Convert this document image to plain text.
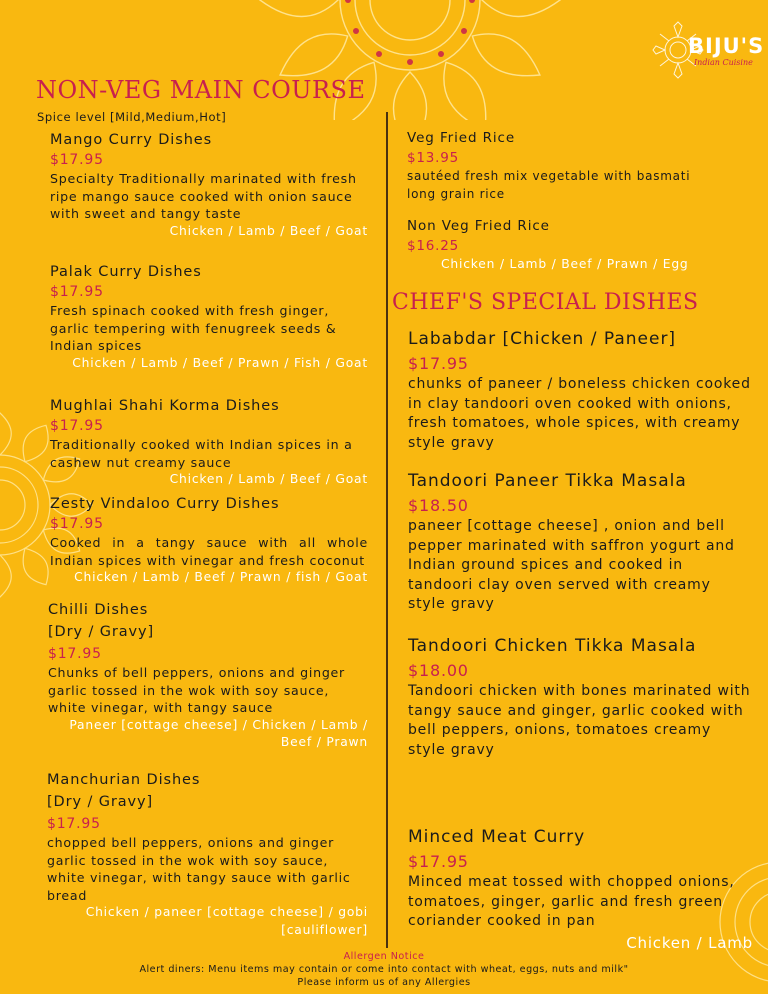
BIJU'S
Indian Cuisine
NON-VEG MAIN COURSE
Spice level [Mild,Medium,Hot]
Mango Curry Dishes
$17.95
Specialty Traditionally marinated with fresh ripe mango sauce cooked with onion sauce with sweet and tangy taste
Chicken / Lamb / Beef / Goat
Palak Curry Dishes
$17.95
Fresh spinach cooked with fresh ginger, garlic tempering with fenugreek seeds & Indian spices
Chicken / Lamb / Beef / Prawn / Fish / Goat
Mughlai Shahi Korma Dishes
$17.95
Traditionally cooked with Indian spices in a cashew nut creamy sauce
Chicken / Lamb / Beef / Goat
Zesty Vindaloo Curry Dishes
$17.95
Cooked in a tangy sauce with all whole Indian spices with vinegar and fresh coconut
Chicken / Lamb / Beef / Prawn / fish / Goat
Chilli Dishes
[Dry / Gravy]
$17.95
Chunks of bell peppers, onions and ginger garlic tossed in the wok with soy sauce, white vinegar, with tangy sauce
Paneer [cottage cheese] / Chicken / Lamb / Beef / Prawn
Manchurian Dishes
[Dry / Gravy]
$17.95
chopped bell peppers, onions and ginger garlic tossed in the wok with soy sauce, white vinegar, with tangy sauce with garlic bread
Chicken / paneer [cottage cheese] / gobi [cauliflower]
Veg Fried Rice
$13.95
sautéed fresh mix vegetable with basmati long grain rice
Non Veg Fried Rice
$16.25
Chicken / Lamb / Beef / Prawn / Egg
CHEF'S SPECIAL DISHES
Lababdar [Chicken / Paneer]
$17.95
chunks of paneer / boneless chicken cooked in clay tandoori oven cooked with onions, fresh tomatoes, whole spices, with creamy style gravy
Tandoori Paneer Tikka Masala
$18.50
paneer [cottage cheese] , onion and bell pepper marinated with saffron yogurt and Indian ground spices and cooked in tandoori clay oven served with creamy style gravy
Tandoori Chicken Tikka Masala
$18.00
Tandoori chicken with bones marinated with tangy sauce and ginger, garlic cooked with bell peppers, onions, tomatoes creamy style gravy
Minced Meat Curry
$17.95
Minced meat tossed with chopped onions, tomatoes, ginger, garlic and fresh green coriander cooked in pan
Chicken / Lamb
Allergen Notice
Alert diners: Menu items may contain or come into contact with wheat, eggs, nuts and milk"
Please inform us of any Allergies
